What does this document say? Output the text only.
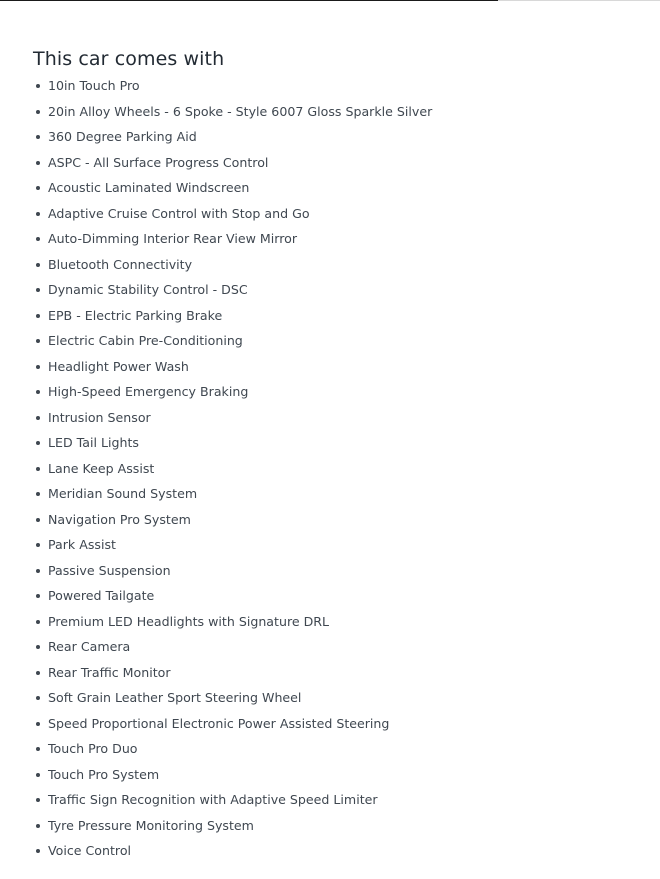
This car comes with
10in Touch Pro
20in Alloy Wheels - 6 Spoke - Style 6007 Gloss Sparkle Silver
360 Degree Parking Aid
ASPC - All Surface Progress Control
Acoustic Laminated Windscreen
Adaptive Cruise Control with Stop and Go
Auto-Dimming Interior Rear View Mirror
Bluetooth Connectivity
Dynamic Stability Control - DSC
EPB - Electric Parking Brake
Electric Cabin Pre-Conditioning
Headlight Power Wash
High-Speed Emergency Braking
Intrusion Sensor
LED Tail Lights
Lane Keep Assist
Meridian Sound System
Navigation Pro System
Park Assist
Passive Suspension
Powered Tailgate
Premium LED Headlights with Signature DRL
Rear Camera
Rear Traffic Monitor
Soft Grain Leather Sport Steering Wheel
Speed Proportional Electronic Power Assisted Steering
Touch Pro Duo
Touch Pro System
Traffic Sign Recognition with Adaptive Speed Limiter
Tyre Pressure Monitoring System
Voice Control
